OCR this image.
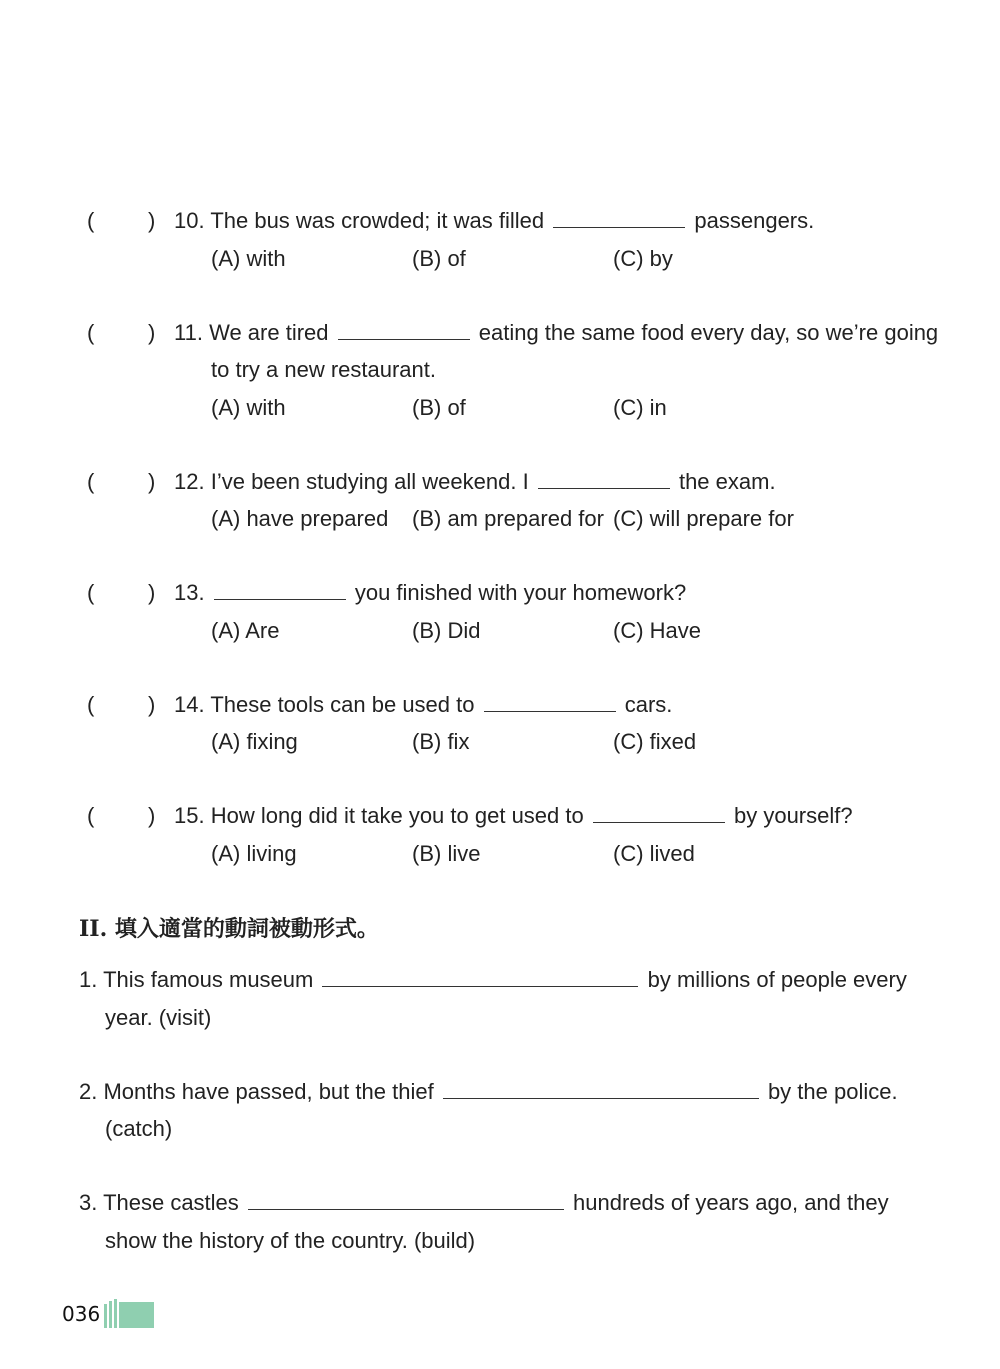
( ) 10. The bus was crowded; it was filled	passengers.
(A) with	(B) of	(C) by
( ) 11. We are tired	eating the same food every day, so we’re going
to try a new restaurant.
(A) with	(B) of	(C) in
( ) 12. I’ve been studying all weekend. I	the exam.
(A) have prepared (B) am prepared for (C) will prepare for
( ) 13.	you finished with your homework?
(A) Are	(B) Did	(C) Have
( ) 14. These tools can be used to	cars.
(A) fixing	(B) fix	(C) fixed
( ) 15. How long did it take you to get used to	by yourself?
(A) living	(B) live	(C) lived
II. 填入適當的動詞被動形式。
1. This famous museum	by millions of people every
year. (visit)
2. Months have passed, but the thief	by the police.
(catch)
3. These castles	hundreds of years ago, and they
show the history of the country. (build)
036
